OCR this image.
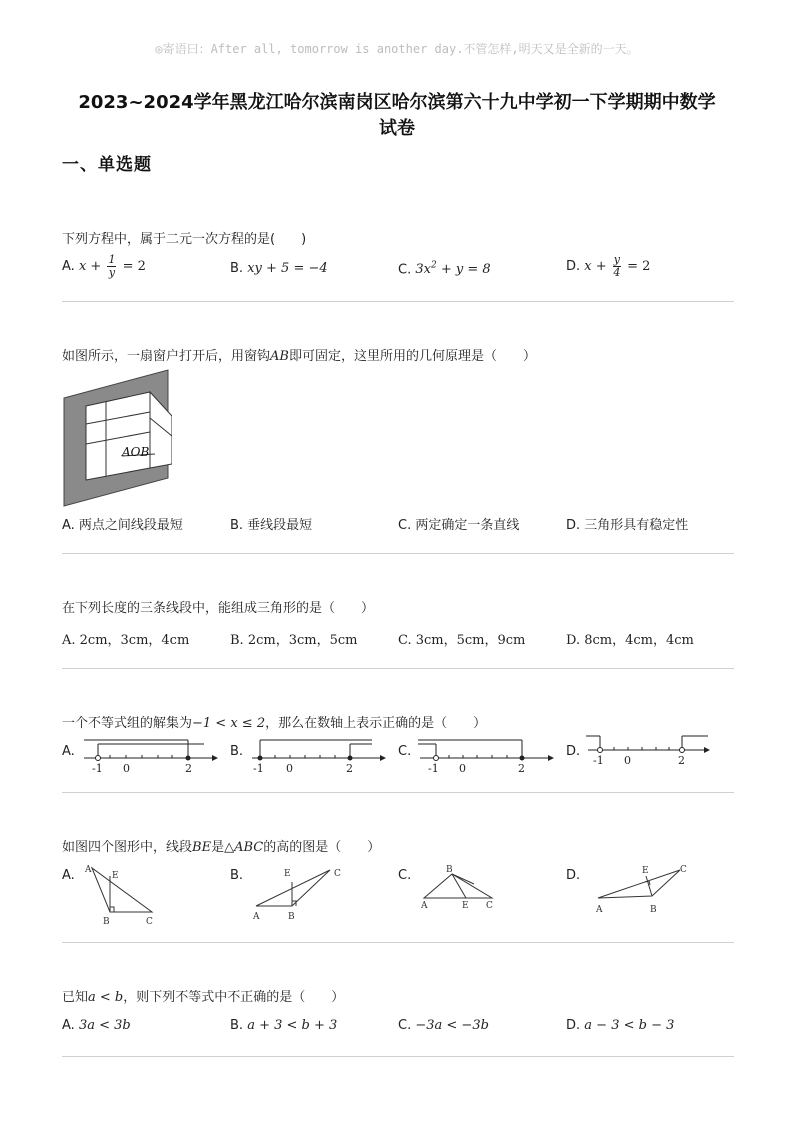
◎寄语曰：After all, tomorrow is another day.不管怎样,明天又是全新的一天。
2023~2024学年黑龙江哈尔滨南岗区哈尔滨第六十九中学初一下学期期中数学
试卷
一、单选题
下列方程中，属于二元一次方程的是(　　)
A. $x + \frac{1}{y} = 2$	B. xy + 5 = −4	C. $3x^2 + y = 8$	D. $x + \frac{y}{4} = 2$
如图所示，一扇窗户打开后，用窗钩AB即可固定，这里所用的几何原理是（　　）
AOB
A. 两点之间线段最短	B. 垂线段最短	C. 两定确定一条直线	D. 三角形具有稳定性
在下列长度的三条线段中，能组成三角形的是（　　）
A. 2cm，3cm，4cm	B. 2cm，3cm，5cm	C. 3cm，5cm，9cm	D. 8cm，4cm，4cm
一个不等式组的解集为−1 < x ≤ 2，那么在数轴上表示正确的是（　　）
A.
-1 0	2
B.
-1 0	2
C.
-1 0	2
D.
-1 0	2
如图四个图形中，线段BE是△ABC的高的图是（　　）
A. A
E
B	C
B.	C
E
A	B
C.	B
A	E C
D.	E	C
A	B
已知a < b，则下列不等式中不正确的是（　　）
A. 3a < 3b	B. a + 3 < b + 3	C. −3a < −3b	D. a − 3 < b − 3
